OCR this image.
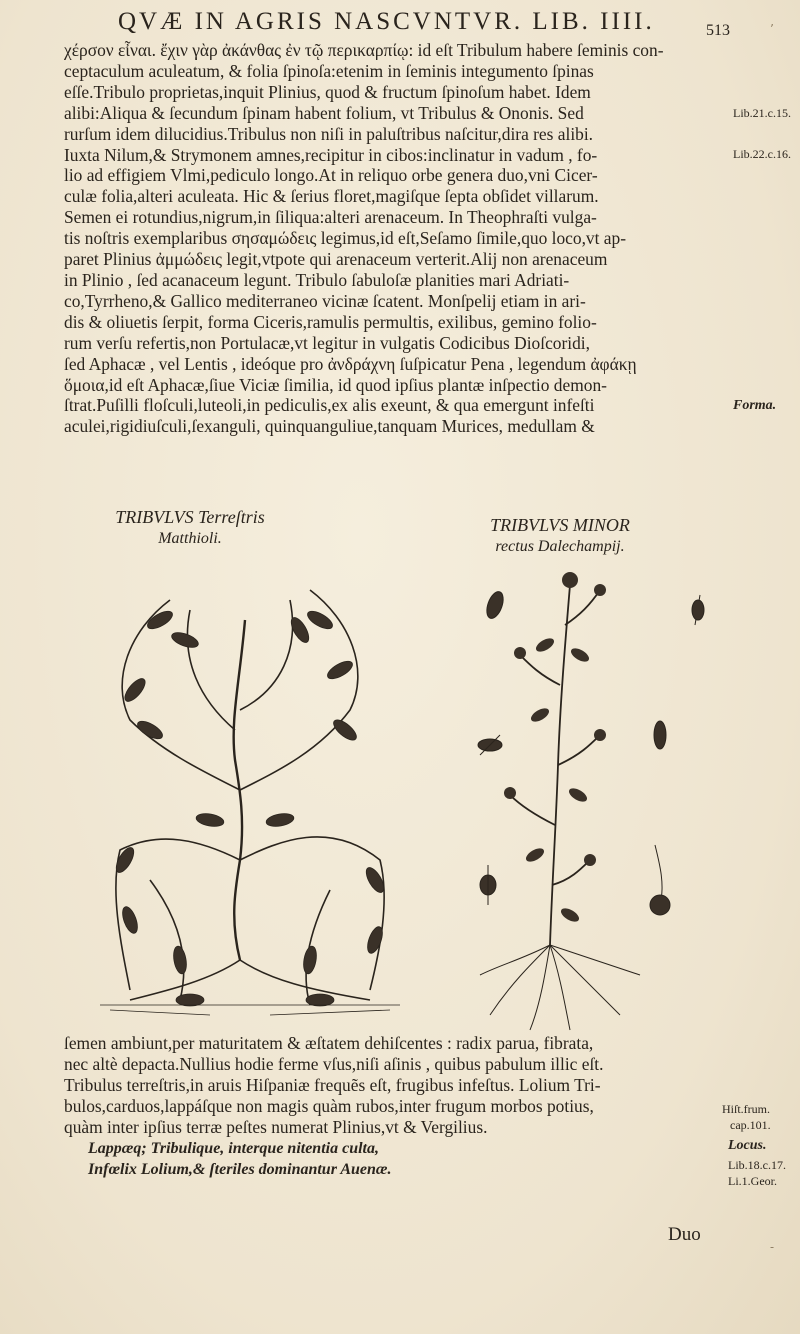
QVÆ IN AGRIS NASCVNTVR. LIB. IIII.	513	’
χέρσον εἶναι. ἔχιν γὰρ ἀκάνθας ἐν τῷ περικαρπίῳ: id eſt Tribulum habere ſeminis con-
ceptaculum aculeatum, & folia ſpinoſa:etenim in ſeminis integumento ſpinas
eſſe.Tribulo proprietas,inquit Plinius, quod & fructum ſpinoſum habet. Idem
alibi:Aliqua & ſecundum ſpinam habent folium, vt Tribulus & Ononis. Sed
rurſum idem dilucidius.Tribulus non niſi in paluſtribus naſcitur,dira res alibi.
Iuxta Nilum,& Strymonem amnes,recipitur in cibos:inclinatur in vadum , fo-
lio ad effigiem Vlmi,pediculo longo.At in reliquo orbe genera duo,vni Cicer-
culæ folia,alteri aculeata. Hic & ſerius floret,magiſque ſepta obſidet villarum.
Semen ei rotundius,nigrum,in ſiliqua:alteri arenaceum. In Theophraſti vulga-
tis noſtris exemplaribus σησαμώδεις legimus,id eſt,Seſamo ſimile,quo loco,vt ap-
paret Plinius ἀμμώδεις legit,vtpote qui arenaceum verterit.Alij non arenaceum
in Plinio , ſed acanaceum legunt. Tribulo ſabuloſæ planities mari Adriati-
co,Tyrrheno,& Gallico mediterraneo vicinæ ſcatent. Monſpelij etiam in ari-
dis & oliuetis ſerpit, forma Ciceris,ramulis permultis, exilibus, gemino folio-
rum verſu refertis,non Portulacæ,vt legitur in vulgatis Codicibus Dioſcoridi,
ſed Aphacæ , vel Lentis , ideóque pro ἀνδράχνη ſuſpicatur Pena , legendum ἀφάκῃ
ὅμοια,id eſt Aphacæ,ſiue Viciæ ſimilia, id quod ipſius plantæ inſpectio demon-
ſtrat.Puſilli floſculi,luteoli,in pediculis,ex alis exeunt, & qua emergunt infeſti
aculei,rigidiuſculi,ſexanguli, quinquanguliue,tanquam Murices, medullam &
Lib.21.c.15.
Lib.22.c.16.
Forma.
TRIBVLVS Terreſtris
Matthioli.
TRIBVLVS MINOR
rectus Dalechampij.
ſemen ambiunt,per maturitatem & æſtatem dehiſcentes : radix parua, fibrata,
nec altè depacta.Nullius hodie ferme vſus,niſi aſinis , quibus pabulum illic eſt.
Tribulus terreſtris,in aruis Hiſpaniæ frequẽs eſt, frugibus infeſtus. Lolium Tri-
bulos,carduos,lappáſque non magis quàm rubos,inter frugum morbos potius,
quàm inter ipſius terræ peſtes numerat Plinius,vt & Vergilius.
Lappæq; Tribulique, interque nitentia culta,
Infœlix Lolium,& ſteriles dominantur Auenæ.
Hiſt.frum.
cap.101.
Locus.
Lib.18.c.17.
Li.1.Geor.
Duo
-
